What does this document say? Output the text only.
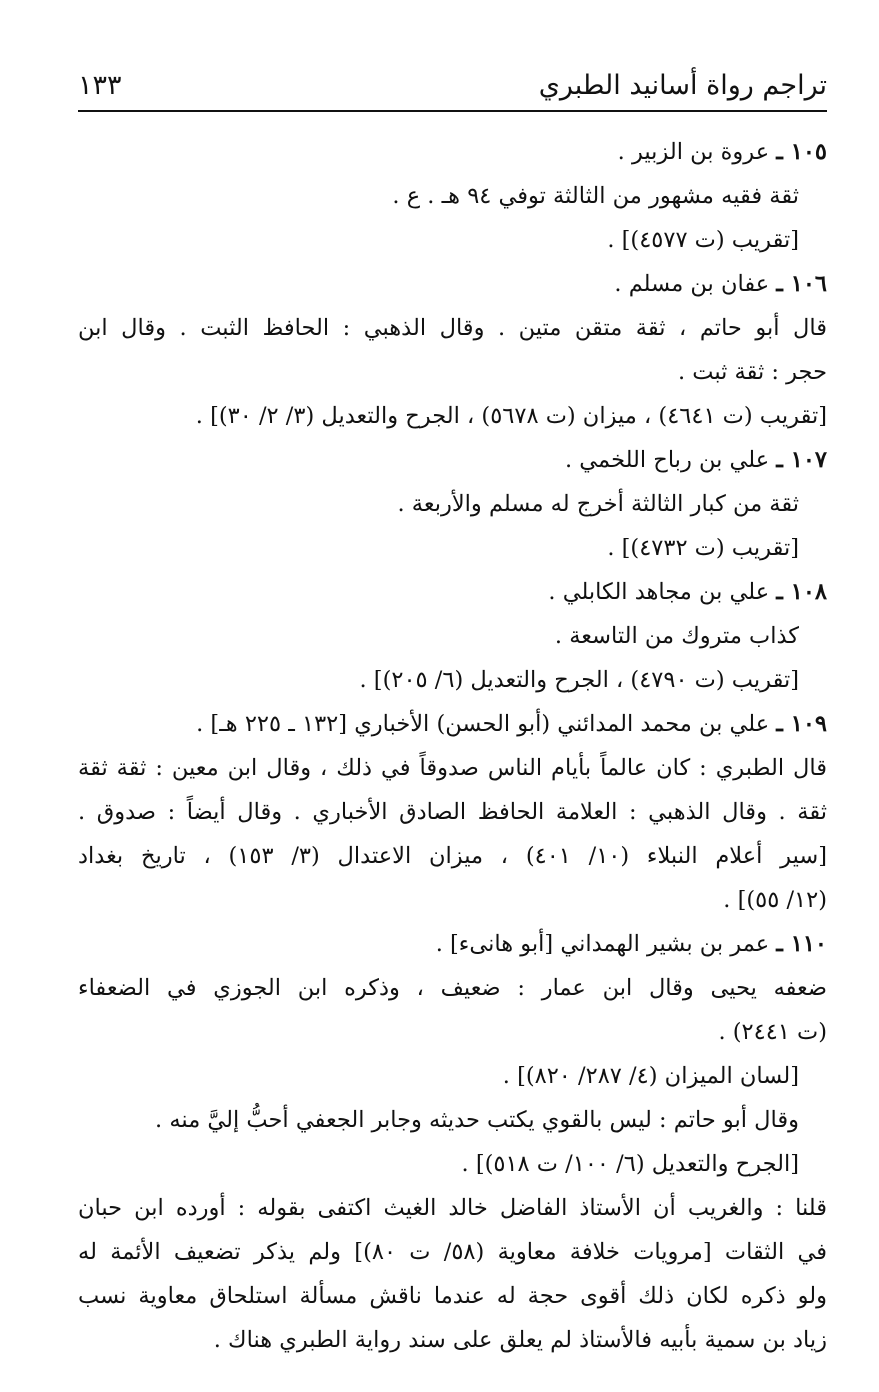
تراجم رواة أسانيد الطبري
١٣٣
١٠٥ ـ عروة بن الزبير .
ثقة فقيه مشهور من الثالثة توفي ٩٤ هـ . ع .
[تقريب (ت ٤٥٧٧)] .
١٠٦ ـ عفان بن مسلم .
قال أبو حاتم ، ثقة متقن متين . وقال الذهبي : الحافظ الثبت . وقال ابن
حجر : ثقة ثبت .
[تقريب (ت ٤٦٤١) ، ميزان (ت ٥٦٧٨) ، الجرح والتعديل (٣/ ٢/ ٣٠)] .
١٠٧ ـ علي بن رباح اللخمي .
ثقة من كبار الثالثة أخرج له مسلم والأربعة .
[تقريب (ت ٤٧٣٢)] .
١٠٨ ـ علي بن مجاهد الكابلي .
كذاب متروك من التاسعة .
[تقريب (ت ٤٧٩٠) ، الجرح والتعديل (٦/ ٢٠٥)] .
١٠٩ ـ علي بن محمد المدائني (أبو الحسن) الأخباري [١٣٢ ـ ٢٢٥ هـ] .
قال الطبري : كان عالماً بأيام الناس صدوقاً في ذلك ، وقال ابن معين : ثقة ثقة
ثقة . وقال الذهبي : العلامة الحافظ الصادق الأخباري . وقال أيضاً : صدوق .
[سير أعلام النبلاء (١٠/ ٤٠١) ، ميزان الاعتدال (٣/ ١٥٣) ، تاريخ بغداد
(١٢/ ٥٥)] .
١١٠ ـ عمر بن بشير الهمداني [أبو هانىء] .
ضعفه يحيى وقال ابن عمار : ضعيف ، وذكره ابن الجوزي في الضعفاء
(ت ٢٤٤١) .
[لسان الميزان (٤/ ٢٨٧/ ٨٢٠)] .
وقال أبو حاتم : ليس بالقوي يكتب حديثه وجابر الجعفي أحبُّ إليَّ منه .
[الجرح والتعديل (٦/ ١٠٠/ ت ٥١٨)] .
قلنا : والغريب أن الأستاذ الفاضل خالد الغيث اكتفى بقوله : أورده ابن حبان
في الثقات [مرويات خلافة معاوية (٥٨/ ت ٨٠)] ولم يذكر تضعيف الأئمة له
ولو ذكره لكان ذلك أقوى حجة له عندما ناقش مسألة استلحاق معاوية نسب
زياد بن سمية بأبيه فالأستاذ لم يعلق على سند رواية الطبري هناك .
